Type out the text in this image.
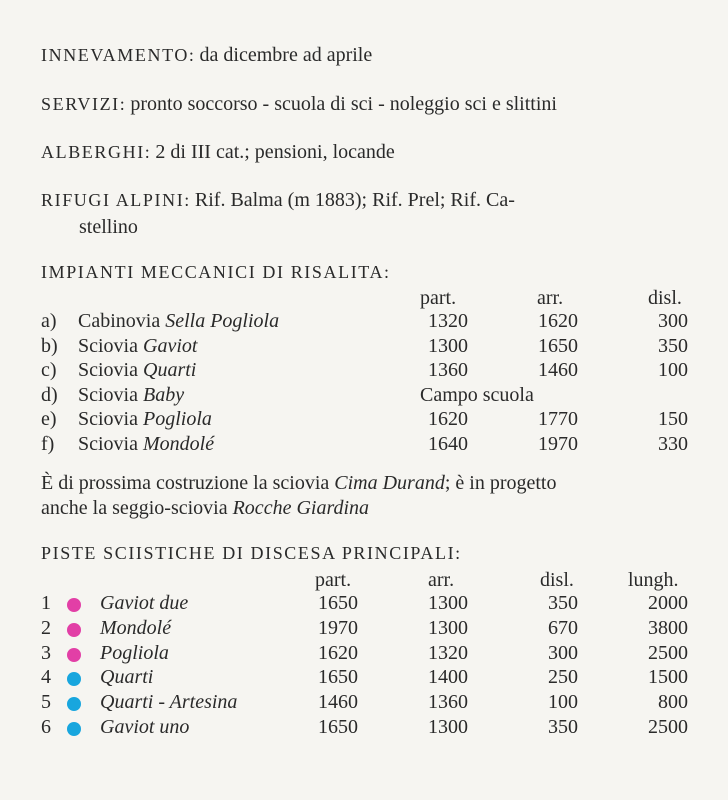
INNEVAMENTO: da dicembre ad aprile
SERVIZI: pronto soccorso - scuola di sci - noleggio sci e slittini
ALBERGHI: 2 di III cat.; pensioni, locande
RIFUGI ALPINI: Rif. Balma (m 1883); Rif. Prel; Rif. Ca-
stellino
IMPIANTI MECCANICI DI RISALITA:
part.	arr.	disl.
a) Cabinovia Sella Pogliola	1320	1620	300
b) Sciovia Gaviot	1300	1650	350
c) Sciovia Quarti	1360	1460	100
d) Sciovia Baby	Campo scuola
e) Sciovia Pogliola	1620	1770	150
f) Sciovia Mondolé	1640	1970	330
È di prossima costruzione la sciovia Cima Durand; è in progetto
anche la seggio-sciovia Rocche Giardina
PISTE SCIISTICHE DI DISCESA PRINCIPALI:
part.	arr.	disl.	lungh.
1 Gaviot due	1650	1300	350	2000
2 Mondolé	1970	1300	670	3800
3 Pogliola	1620	1320	300	2500
4 Quarti	1650	1400	250	1500
5 Quarti - Artesina	1460	1360	100	800
6 Gaviot uno	1650	1300	350	2500
